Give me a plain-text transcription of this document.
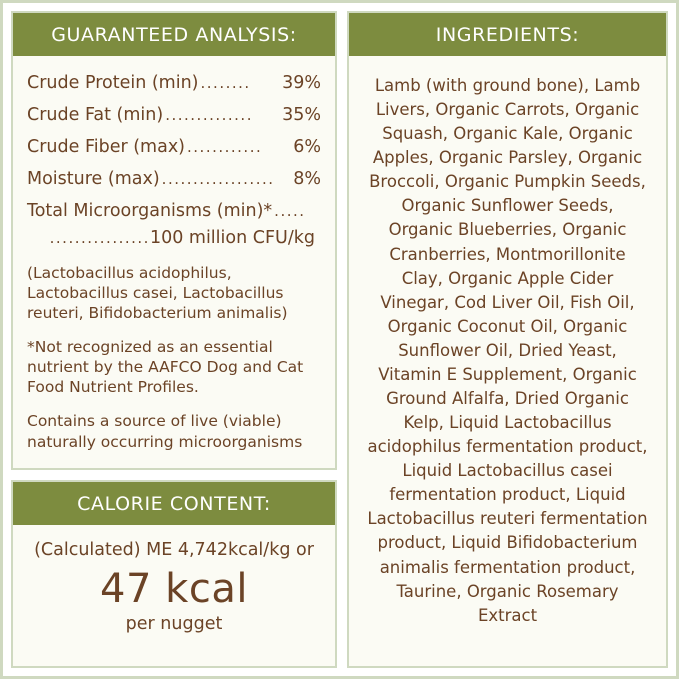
GUARANTEED ANALYSIS:
Crude Protein (min) ........	39%
Crude Fat (min) ..............	35%
Crude Fiber (max) ............	6%
Moisture (max) ..................	8%
Total Microorganisms (min)* .....
................100 million CFU/kg
(Lactobacillus acidophilus, Lactobacillus casei, Lactobacillus reuteri, Bifidobacterium animalis)
*Not recognized as an essential nutrient by the AAFCO Dog and Cat Food Nutrient Profiles.
Contains a source of live (viable) naturally occurring microorganisms
CALORIE CONTENT:
(Calculated) ME 4,742kcal/kg or
47 kcal
per nugget
INGREDIENTS:
Lamb (with ground bone), Lamb Livers, Organic Carrots, Organic Squash, Organic Kale, Organic Apples, Organic Parsley, Organic Broccoli, Organic Pumpkin Seeds, Organic Sunflower Seeds, Organic Blueberries, Organic Cranberries, Montmorillonite Clay, Organic Apple Cider Vinegar, Cod Liver Oil, Fish Oil, Organic Coconut Oil, Organic Sunflower Oil, Dried Yeast, Vitamin E Supplement, Organic Ground Alfalfa, Dried Organic Kelp, Liquid Lactobacillus acidophilus fermentation product, Liquid Lactobacillus casei fermentation product, Liquid Lactobacillus reuteri fermentation product, Liquid Bifidobacterium animalis fermentation product, Taurine, Organic Rosemary Extract
